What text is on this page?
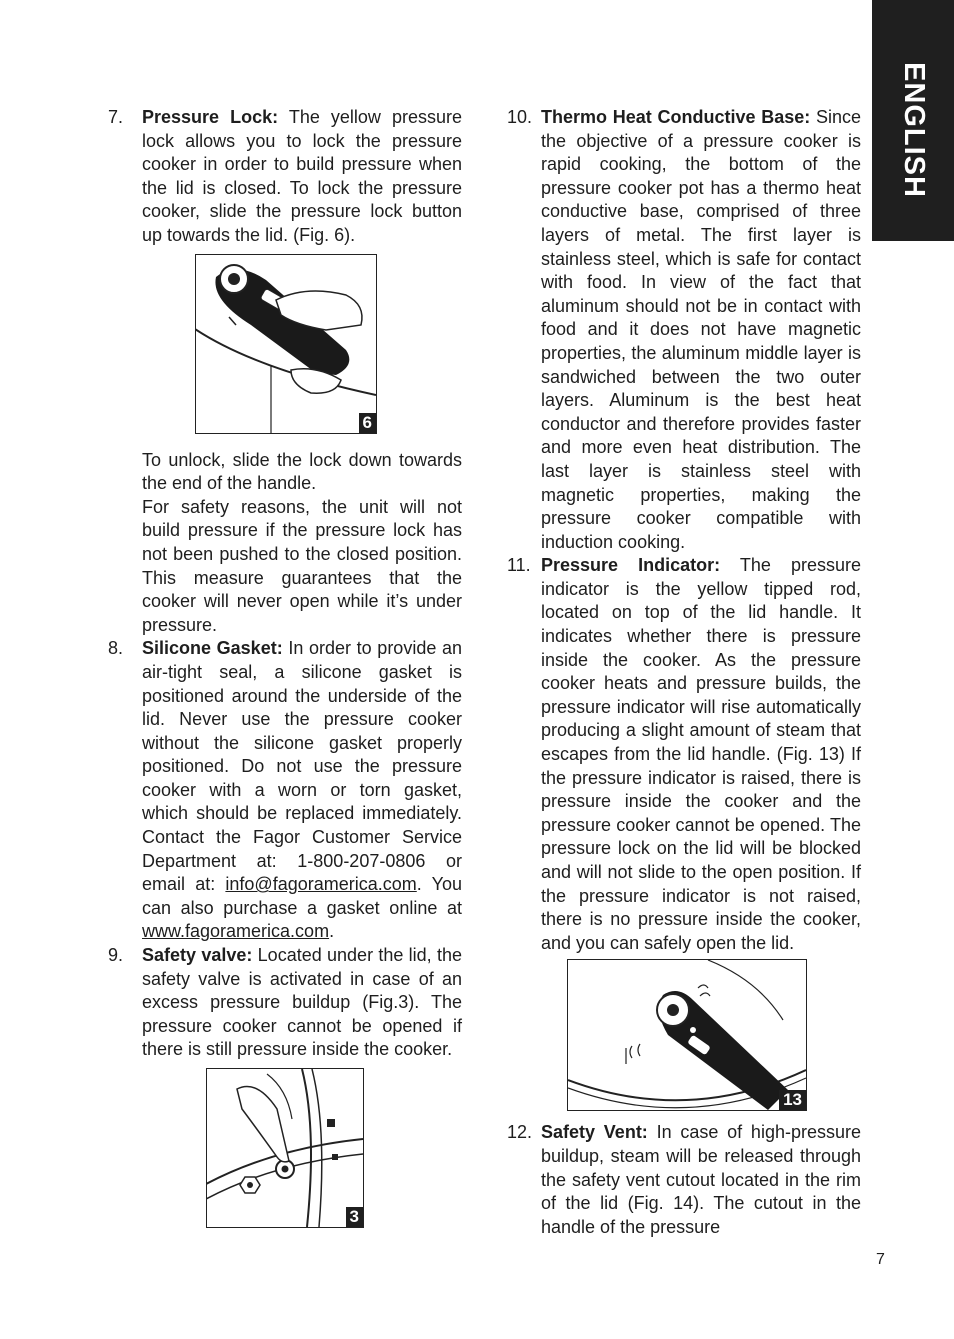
ENGLISH
7.	Pressure Lock: The yellow pressure lock allows you to lock the pressure cooker in order to build pressure when the lid is closed. To lock the pressure cooker, slide the pressure lock button up towards the lid. (Fig. 6).

6

To unlock, slide the lock down towards the end of the handle.

For safety reasons, the unit will not build pressure if the pressure lock has not been pushed to the closed position. This measure guarantees that the cooker will never open while it’s under pressure.

8.	Silicone Gasket: In order to provide an air-tight seal, a silicone gasket is positioned around the underside of the lid. Never use the pressure cooker without the silicone gasket properly positioned. Do not use the pressure cooker with a worn or torn gasket, which should be replaced immediately. Contact the Fagor Customer Service Department at: 1-800-207-0806 or email at: info@fagoramerica.com. You can also purchase a gasket online at www.fagoramerica.com.

9.	Safety valve: Located under the lid, the safety valve is activated in case of an excess pressure buildup (Fig.3). The pressure cooker cannot be opened if there is still pressure inside the cooker.

3
10. Thermo Heat Conductive Base: Since the objective of a pressure cooker is rapid cooking, the bottom of the pressure cooker pot has a thermo heat conductive base, comprised of three layers of metal. The first layer is stainless steel, which is safe for contact with food. In view of the fact that aluminum should not be in contact with food and it does not have magnetic properties, the aluminum middle layer is sandwiched between the two outer layers. Aluminum is the best heat conductor and therefore provides faster and more even heat distribution. The last layer is stainless steel with magnetic properties, making the pressure cooker compatible with induction cooking.

11. Pressure Indicator: The pressure indicator is the yellow tipped rod, located on top of the lid handle. It indicates whether there is pressure inside the cooker. As the pressure cooker heats and pressure builds, the pressure indicator will rise automatically producing a slight amount of steam that escapes from the lid handle. (Fig. 13) If the pressure indicator is raised, there is pressure inside the cooker and the pressure cooker cannot be opened. The pressure lock on the lid will be blocked and will not slide to the open position. If the pressure indicator is not raised, there is no pressure inside the cooker, and you can safely open the lid.

13
12. Safety Vent: In case of high-pressure buildup, steam will be released through the safety vent cutout located in the rim of the lid (Fig. 14). The cutout in the handle of the pressure

7
